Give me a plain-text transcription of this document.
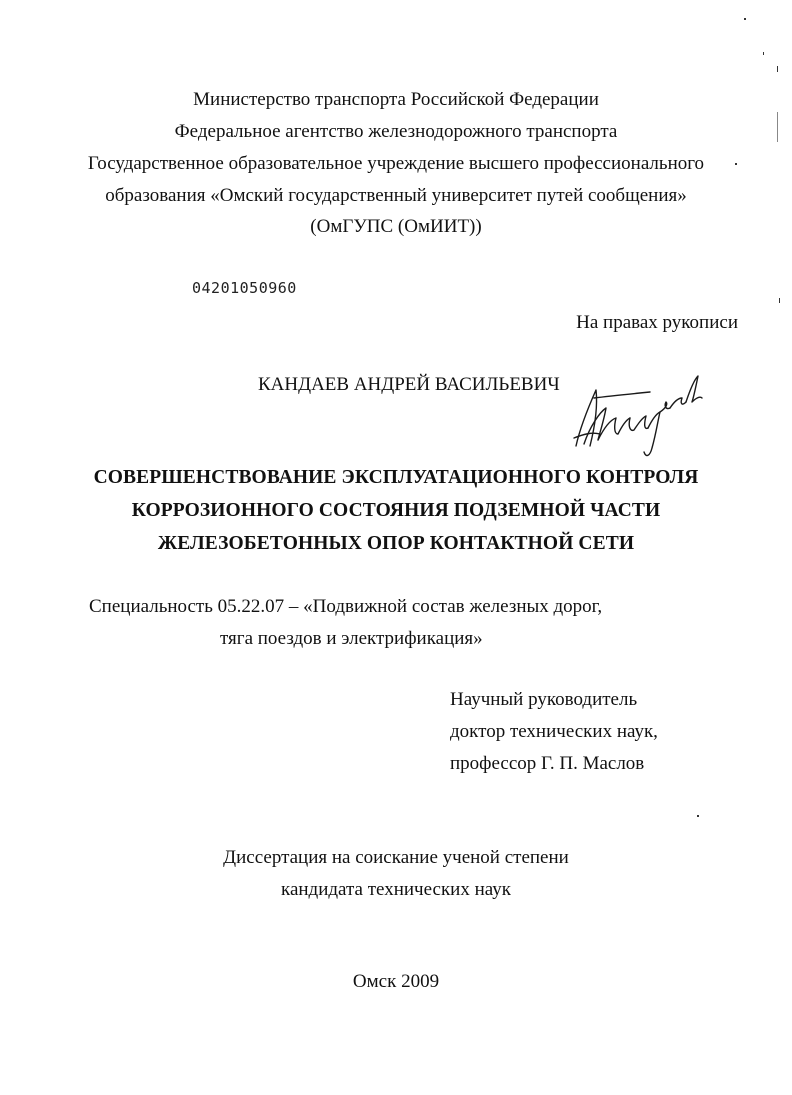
Министерство транспорта Российской Федерации
Федеральное агентство железнодорожного транспорта
Государственное образовательное учреждение высшего профессионального
образования «Омский государственный университет путей сообщения»
(ОмГУПС (ОмИИТ))
04201050960
На правах рукописи
КАНДАЕВ АНДРЕЙ ВАСИЛЬЕВИЧ
СОВЕРШЕНСТВОВАНИЕ ЭКСПЛУАТАЦИОННОГО КОНТРОЛЯ
КОРРОЗИОННОГО СОСТОЯНИЯ ПОДЗЕМНОЙ ЧАСТИ
ЖЕЛЕЗОБЕТОННЫХ ОПОР КОНТАКТНОЙ СЕТИ
Специальность 05.22.07 – «Подвижной состав железных дорог,
тяга поездов и электрификация»
Научный руководитель
доктор технических наук,
профессор Г. П. Маслов
Диссертация на соискание ученой степени
кандидата технических наук
Омск 2009
